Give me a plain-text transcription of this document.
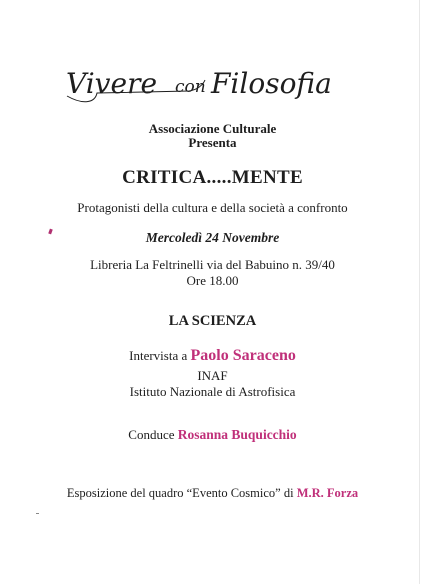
Vivere con Filosofia
Associazione Culturale
Presenta
CRITICA.....MENTE
Protagonisti della cultura e della società a confronto
Mercoledì 24 Novembre
Libreria La Feltrinelli via del Babuino n. 39/40
Ore 18.00
LA SCIENZA
Intervista a Paolo Saraceno
INAF
Istituto Nazionale di Astrofisica
Conduce Rosanna Buquicchio
Esposizione del quadro “Evento Cosmico” di M.R. Forza
